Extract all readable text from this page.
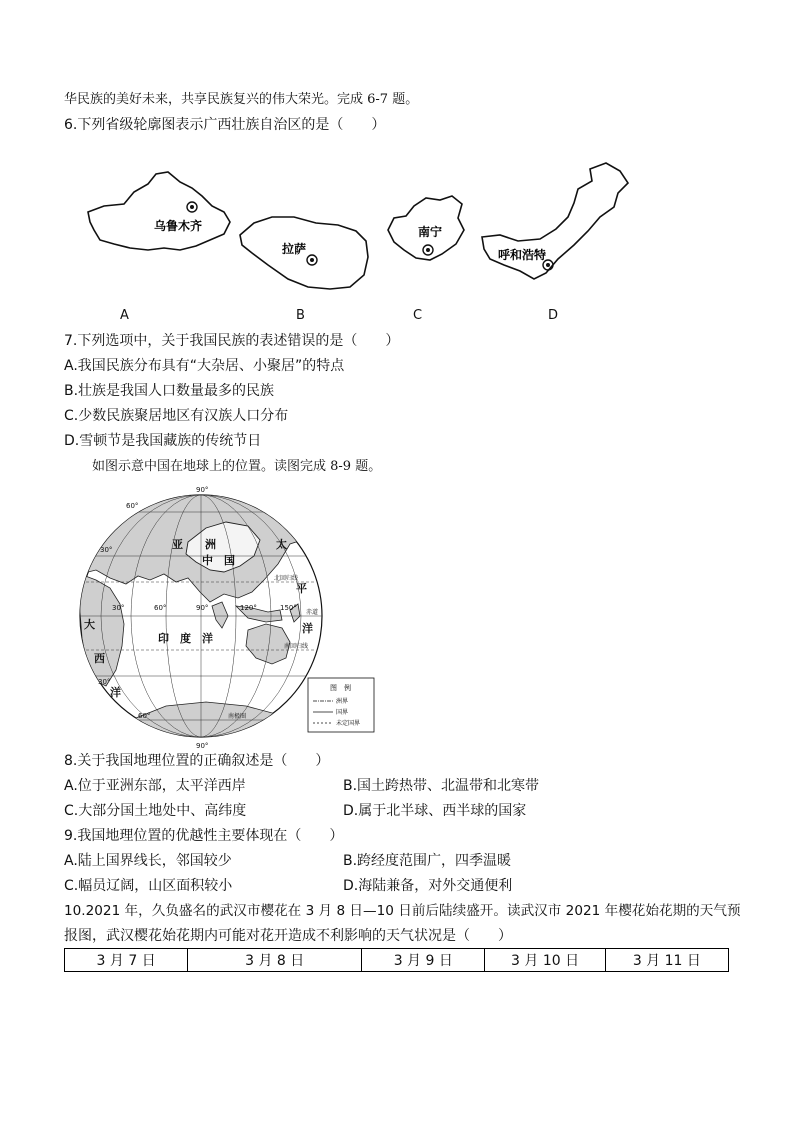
华民族的美好未来，共享民族复兴的伟大荣光。完成 6-7 题。
6.下列省级轮廓图表示广西壮族自治区的是（　　）
乌鲁木齐
拉萨
南宁
呼和浩特
A	B	C	D
7.下列选项中，关于我国民族的表述错误的是（　　）
A.我国民族分布具有“大杂居、小聚居”的特点
B.壮族是我国人口数量最多的民族
C.少数民族聚居地区有汉族人口分布
D.雪顿节是我国藏族的传统节日
如图示意中国在地球上的位置。读图完成 8-9 题。
90°
90°
30°	60°	90°	120°	150°
30°
60°
30°
60°
北回归线
赤道
南回归线
南极圈
亚　　洲
中　国
太
平
洋
大
西
洋
印　度　洋
图　例
洲界
国界
未定国界
8.关于我国地理位置的正确叙述是（　　）
A.位于亚洲东部，太平洋西岸	B.国土跨热带、北温带和北寒带
C.大部分国土地处中、高纬度	D.属于北半球、西半球的国家
9.我国地理位置的优越性主要体现在（　　）
A.陆上国界线长，邻国较少	B.跨经度范围广，四季温暖
C.幅员辽阔，山区面积较小	D.海陆兼备，对外交通便利
10.2021 年，久负盛名的武汉市樱花在 3 月 8 日—10 日前后陆续盛开。读武汉市 2021 年樱花始花期的天气预
报图，武汉樱花始花期内可能对花开造成不利影响的天气状况是（　　）
3 月 7 日	3 月 8 日	3 月 9 日	3 月 10 日	3 月 11 日
